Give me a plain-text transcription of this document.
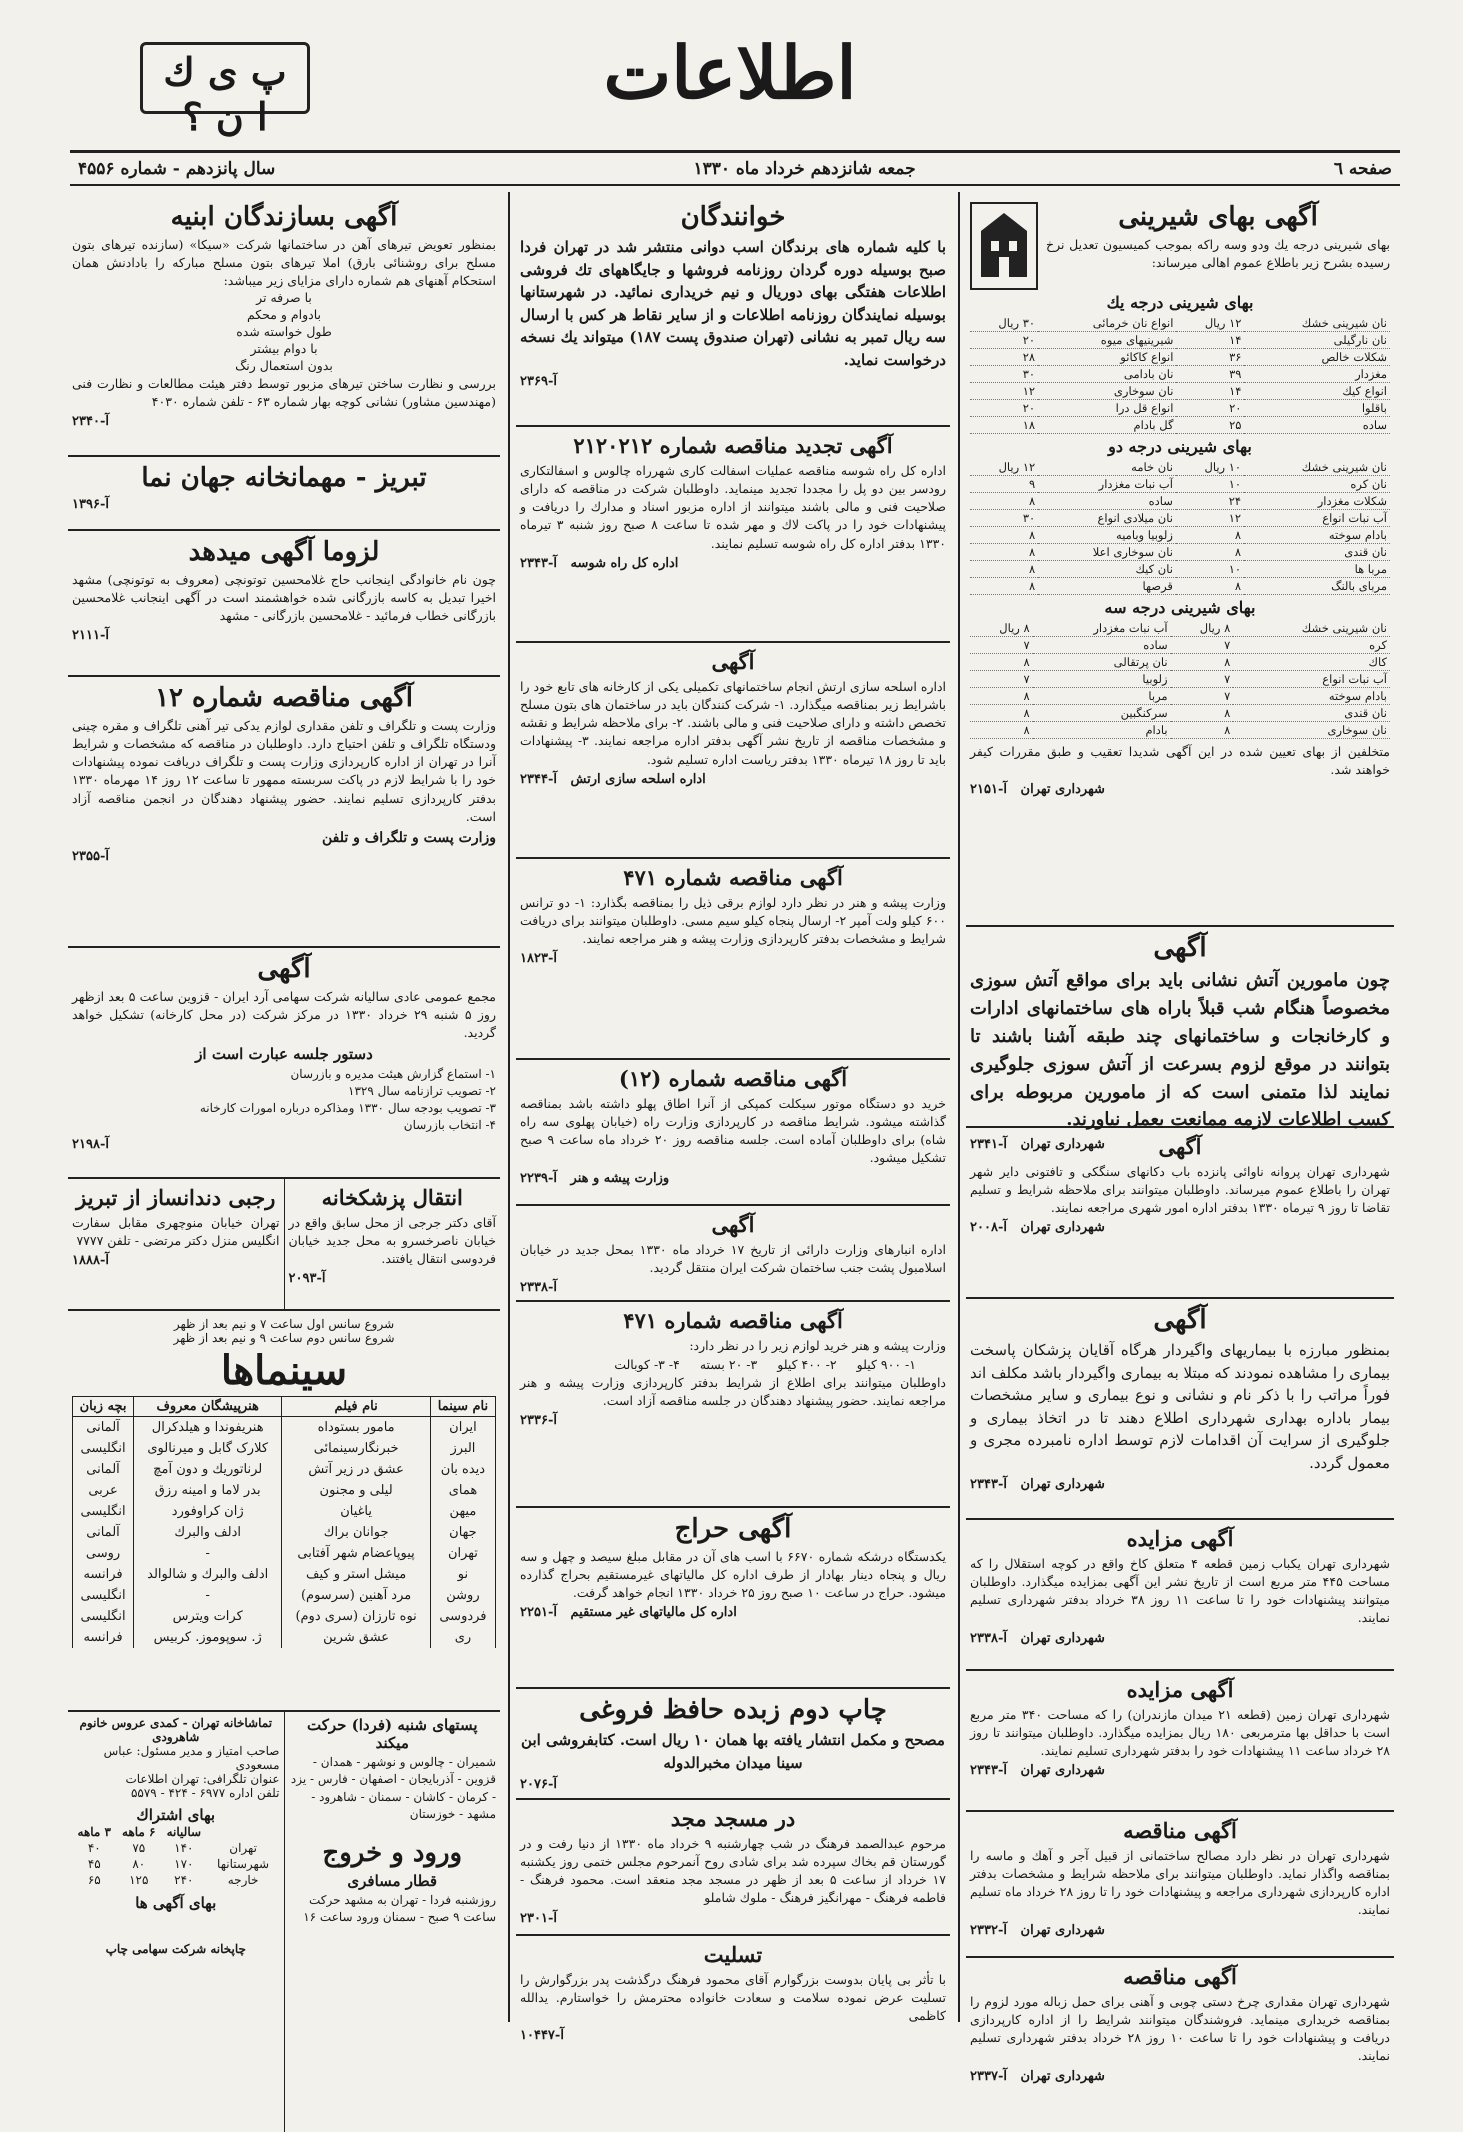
اطلاعات
پ ی ك ا ن ؟
صفحه ٦
جمعه شانزدهم خرداد ماه ۱۳۳۰
سال پانزدهم - شماره ۴۵۵۶
آگهی بهای شیرینی

بهای شیرینی درجه یك ودو وسه راکه بموجب کمیسیون تعدیل نرخ رسیده بشرح زیر باطلاع عموم اهالی میرساند:

بهای شیرینی درجه یك
نان شیرینی خشك	۱۲ ریال	انواع نان خرمائی	۳۰ ریال
نان نارگیلی	۱۴	شیرینیهای میوه	۲۰
شکلات خالص	۳۶	انواع کاکائو	۲۸
مغزدار	۳۹	نان بادامی	۳۰
انواع کیك	۱۴	نان سوخاری	۱۲
باقلوا	۲۰	انواع قل درا	۲۰
ساده	۲۵	گل بادام	۱۸
بهای شیرینی درجه دو
نان شیرینی خشك	۱۰ ریال	نان خامه	۱۲ ریال
نان کره	۱۰	آب نبات مغزدار	۹
شکلات مغزدار	۲۴	ساده	۸
آب نبات انواع	۱۲	نان میلادی انواع	۳۰
بادام سوخته	۸	زلوبیا وبامیه	۸
نان قندی	۸	نان سوخاری اعلا	۸
مربا ها	۱۰	نان کیك	۸
مربای بالنگ	۸	قرصها	۸
بهای شیرینی درجه سه
نان شیرینی خشك	۸ ریال	آب نبات مغزدار	۸ ریال
کره	۷	ساده	۷
کاك	۸	نان پرتقالی	۸
آب نبات انواع	۷	زلوبیا	۷
بادام سوخته	۷	مربا	۸
نان قندی	۸	سرکنگبین	۸
نان سوخاری	۸	بادام	۸

متخلفین از بهای تعیین شده در این آگهی شدیدا تعقیب و طبق مقررات کیفر خواهند شد.

شهرداری تهران   آ-۲۱۵۱
آگهی

چون مامورین آتش نشانی باید برای مواقع آتش سوزی مخصوصاً هنگام شب قبلاً باراه های ساختمانهای ادارات و کارخانجات و ساختمانهای چند طبقه آشنا باشند تا بتوانند در موقع لزوم بسرعت از آتش سوزی جلوگیری نمایند لذا متمنی است که از مامورین مربوطه برای کسب اطلاعات لازمه ممانعت بعمل نیاورند.

شهرداری تهران   آ-۲۳۴۱	آگهی

شهرداری تهران پروانه ناوائی پانزده باب دکانهای سنگکی و تافتونی دایر شهر تهران را باطلاع عموم میرساند. داوطلبان میتوانند برای ملاحظه شرایط و تسلیم تقاضا تا روز ۹ تیرماه ۱۳۳۰ بدفتر اداره امور شهری مراجعه نمایند.

شهرداری تهران   آ-۲۰۰۸
آگهی

بمنظور مبارزه با بیماریهای واگیردار هرگاه آقایان پزشکان پاسخت بیماری را مشاهده نمودند که مبتلا به بیماری واگیردار باشد مکلف اند فوراً مراتب را با ذکر نام و نشانی و نوع بیماری و سایر مشخصات بیمار باداره بهداری شهرداری اطلاع دهند تا در اتخاذ بیماری و جلوگیری از سرایت آن اقدامات لازم توسط اداره نامبرده مجری و معمول گردد.

شهرداری تهران   آ-۲۳۴۳
آگهی مزایده

شهرداری تهران یکباب زمین قطعه ۴ متعلق کاخ واقع در کوچه استقلال را که مساحت ۴۴۵ متر مربع است از تاریخ نشر این آگهی بمزایده میگذارد. داوطلبان میتوانند پیشنهادات خود را تا ساعت ۱۱ روز ۳۸ خرداد بدفتر شهرداری تسلیم نمایند.

شهرداری تهران   آ-۲۳۳۸
آگهی مزایده

شهرداری تهران زمین (قطعه ۲۱ میدان مازندران) را که مساحت ۳۴۰ متر مربع است با حداقل بها مترمربعی ۱۸۰ ریال بمزایده میگذارد. داوطلبان میتوانند تا روز ۲۸ خرداد ساعت ۱۱ پیشنهادات خود را بدفتر شهرداری تسلیم نمایند.

شهرداری تهران   آ-۲۳۴۳
آگهی مناقصه

شهرداری تهران در نظر دارد مصالح ساختمانی از قبیل آجر و آهك و ماسه را بمناقصه واگذار نماید. داوطلبان میتوانند برای ملاحظه شرایط و مشخصات بدفتر اداره کارپردازی شهرداری مراجعه و پیشنهادات خود را تا روز ۲۸ خرداد ماه تسلیم نمایند.

شهرداری تهران   آ-۲۳۳۲
آگهی مناقصه

شهرداری تهران مقداری چرخ دستی چوبی و آهنی برای حمل زباله مورد لزوم را بمناقصه خریداری مینماید. فروشندگان میتوانند شرایط را از اداره کارپردازی دریافت و پیشنهادات خود را تا ساعت ۱۰ روز ۲۸ خرداد بدفتر شهرداری تسلیم نمایند.

شهرداری تهران   آ-۲۳۳۷
خوانندگان

با کلیه شماره های برندگان اسب دوانی منتشر شد در تهران فردا صبح بوسیله دوره گردان روزنامه فروشها و جایگاههای تك فروشی اطلاعات هفتگی بهای دوریال و نیم خریداری نمائید. در شهرستانها بوسیله نمایندگان روزنامه اطلاعات و از سایر نقاط هر کس با ارسال سه ریال تمبر به نشانی (تهران صندوق پست ۱۸۷) میتواند یك نسخه درخواست نماید.

آ-۲۳۶۹
آگهی تجدید مناقصه شماره ۲۱۲۰۲۱۲

اداره کل راه شوسه مناقصه عملیات اسفالت کاری شهرراه چالوس و اسفالتکاری رودسر بین دو پل را مجددا تجدید مینماید. داوطلبان شرکت در مناقصه که دارای صلاحیت فنی و مالی باشند میتوانند از اداره مزبور اسناد و مدارك را دریافت و پیشنهادات خود را در پاکت لاك و مهر شده تا ساعت ۸ صبح روز شنبه ۳ تیرماه ۱۳۳۰ بدفتر اداره کل راه شوسه تسلیم نمایند.

اداره کل راه شوسه   آ-۲۳۴۳
آگهی

اداره اسلحه سازی ارتش انجام ساختمانهای تکمیلی یکی از کارخانه های تابع خود را باشرایط زیر بمناقصه میگذارد. ۱- شرکت کنندگان باید در ساختمان های بتون مسلح تخصص داشته و دارای صلاحیت فنی و مالی باشند. ۲- برای ملاحظه شرایط و نقشه و مشخصات مناقصه از تاریخ نشر آگهی بدفتر اداره مراجعه نمایند. ۳- پیشنهادات باید تا روز ۱۸ تیرماه ۱۳۳۰ بدفتر ریاست اداره تسلیم شود.

اداره اسلحه سازی ارتش   آ-۲۳۴۴
آگهی مناقصه شماره ۴۷۱

وزارت پیشه و هنر در نظر دارد لوازم برقی ذیل را بمناقصه بگذارد: ۱- دو ترانس ۶۰۰ کیلو ولت آمپر ۲- ارسال پنجاه کیلو سیم مسی. داوطلبان میتوانند برای دریافت شرایط و مشخصات بدفتر کارپردازی وزارت پیشه و هنر مراجعه نمایند.

آ-۱۸۲۳
آگهی مناقصه شماره (۱۲)

خرید دو دستگاه موتور سیکلت کمپکی از آنرا اطاق پهلو داشته باشد بمناقصه گذاشته میشود. شرایط مناقصه در کارپردازی وزارت راه (خیابان پهلوی سه راه شاه) برای داوطلبان آماده است. جلسه مناقصه روز ۲۰ خرداد ماه ساعت ۹ صبح تشکیل میشود.

وزارت پیشه و هنر   آ-۲۲۳۹
آگهی

اداره انبارهای وزارت دارائی از تاریخ ۱۷ خرداد ماه ۱۳۳۰ بمحل جدید در خیابان اسلامبول پشت جنب ساختمان شرکت ایران منتقل گردید.

آ-۲۳۳۸
آگهی مناقصه شماره ۴۷۱

وزارت پیشه و هنر خرید لوازم زیر را در نظر دارد:

۱- ۹۰۰ کیلو
۲- ۴۰۰ کیلو
۳- ۲۰ بسته
۴- ۳- کوبالت

داوطلبان میتوانند برای اطلاع از شرایط بدفتر کارپردازی وزارت پیشه و هنر مراجعه نمایند. حضور پیشنهاد دهندگان در جلسه مناقصه آزاد است.

آ-۲۳۳۶
آگهی حراج

یکدستگاه درشکه شماره ۶۶۷۰ با اسب های آن در مقابل مبلغ سیصد و چهل و سه ریال و پنجاه دینار بهادار از طرف اداره کل مالیاتهای غیرمستقیم بحراج گذارده میشود. حراج در ساعت ۱۰ صبح روز ۲۵ خرداد ۱۳۳۰ انجام خواهد گرفت.

اداره کل مالیاتهای غیر مستقیم   آ-۲۲۵۱
چاپ دوم زبده حافظ فروغی

مصحح و مکمل انتشار یافته بها همان ۱۰ ریال است. کتابفروشی ابن سینا میدان مخبرالدوله

آ-۲۰۷۶
در مسجد مجد

مرحوم عبدالصمد فرهنگ در شب چهارشنبه ۹ خرداد ماه ۱۳۳۰ از دنیا رفت و در گورستان قم بخاك سپرده شد برای شادی روح آنمرحوم مجلس ختمی روز یکشنبه ۱۷ خرداد از ساعت ۵ بعد از ظهر در مسجد مجد منعقد است. محمود فرهنگ - فاطمه فرهنگ - مهرانگیز فرهنگ - ملوك شاملو

آ-۲۳۰۱
تسلیت

با تأثر بی پایان بدوست بزرگوارم آقای محمود فرهنگ درگذشت پدر بزرگوارش را تسلیت عرض نموده سلامت و سعادت خانواده محترمش را خواستارم. یدالله کاظمی

آ-۱۰۴۴۷
آگهی بسازندگان ابنیه

بمنظور تعویض تیرهای آهن در ساختمانها شرکت «سیکا» (سازنده تیرهای بتون مسلح برای روشنائی بارق) املا تیرهای بتون مسلح مبارکه را بادادنش همان استحکام آهنهای هم شماره دارای مزایای زیر میباشد:

با صرفه تر
بادوام و محکم
طول خواسته شده
با دوام بیشتر
بدون استعمال رنگ

بررسی و نظارت ساختن تیرهای مزبور توسط دفتر هیئت مطالعات و نظارت فنی (مهندسین مشاور) نشانی کوچه بهار شماره ۶۳ - تلفن شماره ۴۰۳۰

آ-۲۳۴۰
تبریز - مهمانخانه جهان نما
آ-۱۳۹۶
لزوما آگهی میدهد

چون نام خانوادگی اینجانب حاج غلامحسین توتونچی (معروف به توتونچی) مشهد اخیرا تبدیل به کاسه بازرگانی شده خواهشمند است در آگهی اینجانب غلامحسین بازرگانی خطاب فرمائید - غلامحسین بازرگانی - مشهد

آ-۲۱۱۱
آگهی مناقصه شماره ۱۲

وزارت پست و تلگراف و تلفن مقداری لوازم یدکی تیر آهنی تلگراف و مقره چینی ودستگاه تلگراف و تلفن احتیاج دارد. داوطلبان در مناقصه که مشخصات و شرایط آنرا در تهران از اداره کارپردازی وزارت پست و تلگراف دریافت نموده پیشنهادات خود را با شرایط لازم در پاکت سربسته ممهور تا ساعت ۱۲ روز ۱۴ مهرماه ۱۳۳۰ بدفتر کارپردازی تسلیم نمایند. حضور پیشنهاد دهندگان در انجمن مناقصه آزاد است.

وزارت پست و تلگراف و تلفن
آ-۲۳۵۵
آگهی

مجمع عمومی عادی سالیانه شرکت سهامی آرد ایران - قزوین ساعت ۵ بعد ازظهر روز ۵ شنبه ۲۹ خرداد ۱۳۳۰ در مرکز شرکت (در محل کارخانه) تشکیل خواهد گردید.

دستور جلسه عبارت است از
۱- استماع گزارش هیئت مدیره و بازرسان
۲- تصویب ترازنامه سال ۱۳۲۹
۳- تصویب بودجه سال ۱۳۳۰ ومذاکره درباره امورات کارخانه
۴- انتخاب بازرسان
آ-۲۱۹۸
انتقال پزشکخانه

آقای دکتر جرجی از محل سابق واقع در خیابان ناصرخسرو به محل جدید خیابان فردوسی انتقال یافتند.

آ-۲۰۹۳
رجبی دندانساز از تبریز

تهران خیابان منوچهری مقابل سفارت انگلیس منزل دکتر مرتضی - تلفن ۷۷۷۷

آ-۱۸۸۸
شروع سانس اول ساعت ۷ و نیم بعد از ظهر
شروع سانس دوم ساعت ۹ و نیم بعد از ظهر
سینماها
نام سینما	نام فیلم	هنرپیشگان معروف	بچه زبان
ایران	مامور بستوداه	هنریفوندا و هیلدکرال	آلمانی
البرز	خبرنگارسینمائی	کلارک گابل و میرنالوی	انگلیسی
دیده بان	عشق در زیر آتش	لرناتوریك و دون آمچ	آلمانی
همای	لیلی و مجنون	بدر لاما و امینه رزق	عربی
میهن	یاغیان	ژان کراوفورد	انگلیسی
جهان	جوانان براك	ادلف والبرك	آلمانی
تهران	پیوپاعضام شهر آفتابی	-	روسی
نو	میشل استر و کیف	ادلف والبرك و شالوالد	فرانسه
روشن	مرد آهنین (سرسوم)	-	انگلیسی
فردوسی	نوه تارزان (سری دوم)	کرات ویترس	انگلیسی
ری	عشق شرین	ژ. سوپوموز. کربیس	فرانسه
پستهای شنبه (فردا) حرکت میکند

شمیران - چالوس و نوشهر - همدان - قزوین - آذربایجان - اصفهان - فارس - یزد - کرمان - کاشان - سمنان - شاهرود - مشهد - خوزستان

ورود و خروج
قطار مسافری

روزشنبه فردا - تهران به مشهد حرکت ساعت ۹ صبح - سمنان ورود ساعت ۱۶

تماشاخانه تهران - کمدی عروس خانوم شاهرودی
صاحب امتیاز و مدیر مسئول: عباس مسعودی
عنوان تلگرافی: تهران اطلاعات
تلفن اداره ۶۹۷۷ - ۴۲۴ - ۵۵۷۹
بهای اشتراك
	سالیانه	۶ ماهه	۳ ماهه
تهران	۱۴۰	۷۵	۴۰
شهرستانها	۱۷۰	۸۰	۴۵
خارجه	۲۴۰	۱۲۵	۶۵
بهای آگهی ها
چاپخانه شرکت سهامی چاپ
